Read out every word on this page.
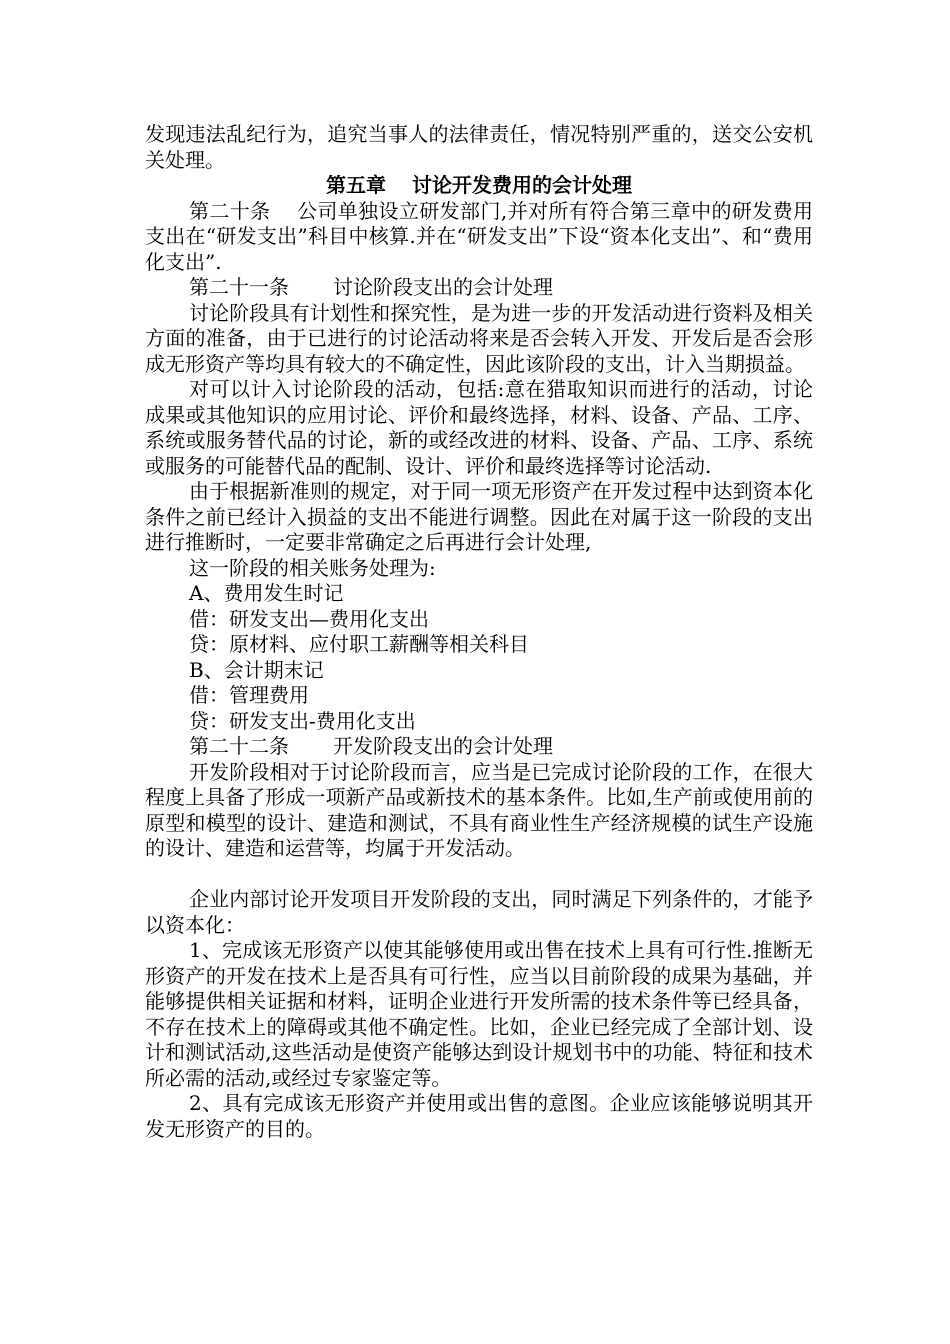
发现违法乱纪行为，追究当事人的法律责任，情况特别严重的，送交公安机关处理。

第五章 讨论开发费用的会计处理

第二十条 公司单独设立研发部门,并对所有符合第三章中的研发费用支出在“研发支出”科目中核算.并在“研发支出”下设“资本化支出”、和“费用化支出”.

第二十一条 讨论阶段支出的会计处理

讨论阶段具有计划性和探究性，是为进一步的开发活动进行资料及相关方面的准备，由于已进行的讨论活动将来是否会转入开发、开发后是否会形成无形资产等均具有较大的不确定性，因此该阶段的支出，计入当期损益。

对可以计入讨论阶段的活动，包括:意在猎取知识而进行的活动，讨论成果或其他知识的应用讨论、评价和最终选择，材料、设备、产品、工序、系统或服务替代品的讨论，新的或经改进的材料、设备、产品、工序、系统或服务的可能替代品的配制、设计、评价和最终选择等讨论活动.

由于根据新准则的规定，对于同一项无形资产在开发过程中达到资本化条件之前已经计入损益的支出不能进行调整。因此在对属于这一阶段的支出进行推断时，一定要非常确定之后再进行会计处理,

这一阶段的相关账务处理为:

A、费用发生时记

借：研发支出—费用化支出

贷：原材料、应付职工薪酬等相关科目

B、会计期末记

借：管理费用

贷：研发支出-费用化支出

第二十二条 开发阶段支出的会计处理

开发阶段相对于讨论阶段而言，应当是已完成讨论阶段的工作，在很大程度上具备了形成一项新产品或新技术的基本条件。比如,生产前或使用前的原型和模型的设计、建造和测试，不具有商业性生产经济规模的试生产设施的设计、建造和运营等，均属于开发活动。

企业内部讨论开发项目开发阶段的支出，同时满足下列条件的，才能予以资本化：

1、完成该无形资产以使其能够使用或出售在技术上具有可行性.推断无形资产的开发在技术上是否具有可行性，应当以目前阶段的成果为基础，并能够提供相关证据和材料，证明企业进行开发所需的技术条件等已经具备，不存在技术上的障碍或其他不确定性。比如，企业已经完成了全部计划、设计和测试活动,这些活动是使资产能够达到设计规划书中的功能、特征和技术所必需的活动,或经过专家鉴定等。

2、具有完成该无形资产并使用或出售的意图。企业应该能够说明其开发无形资产的目的。
